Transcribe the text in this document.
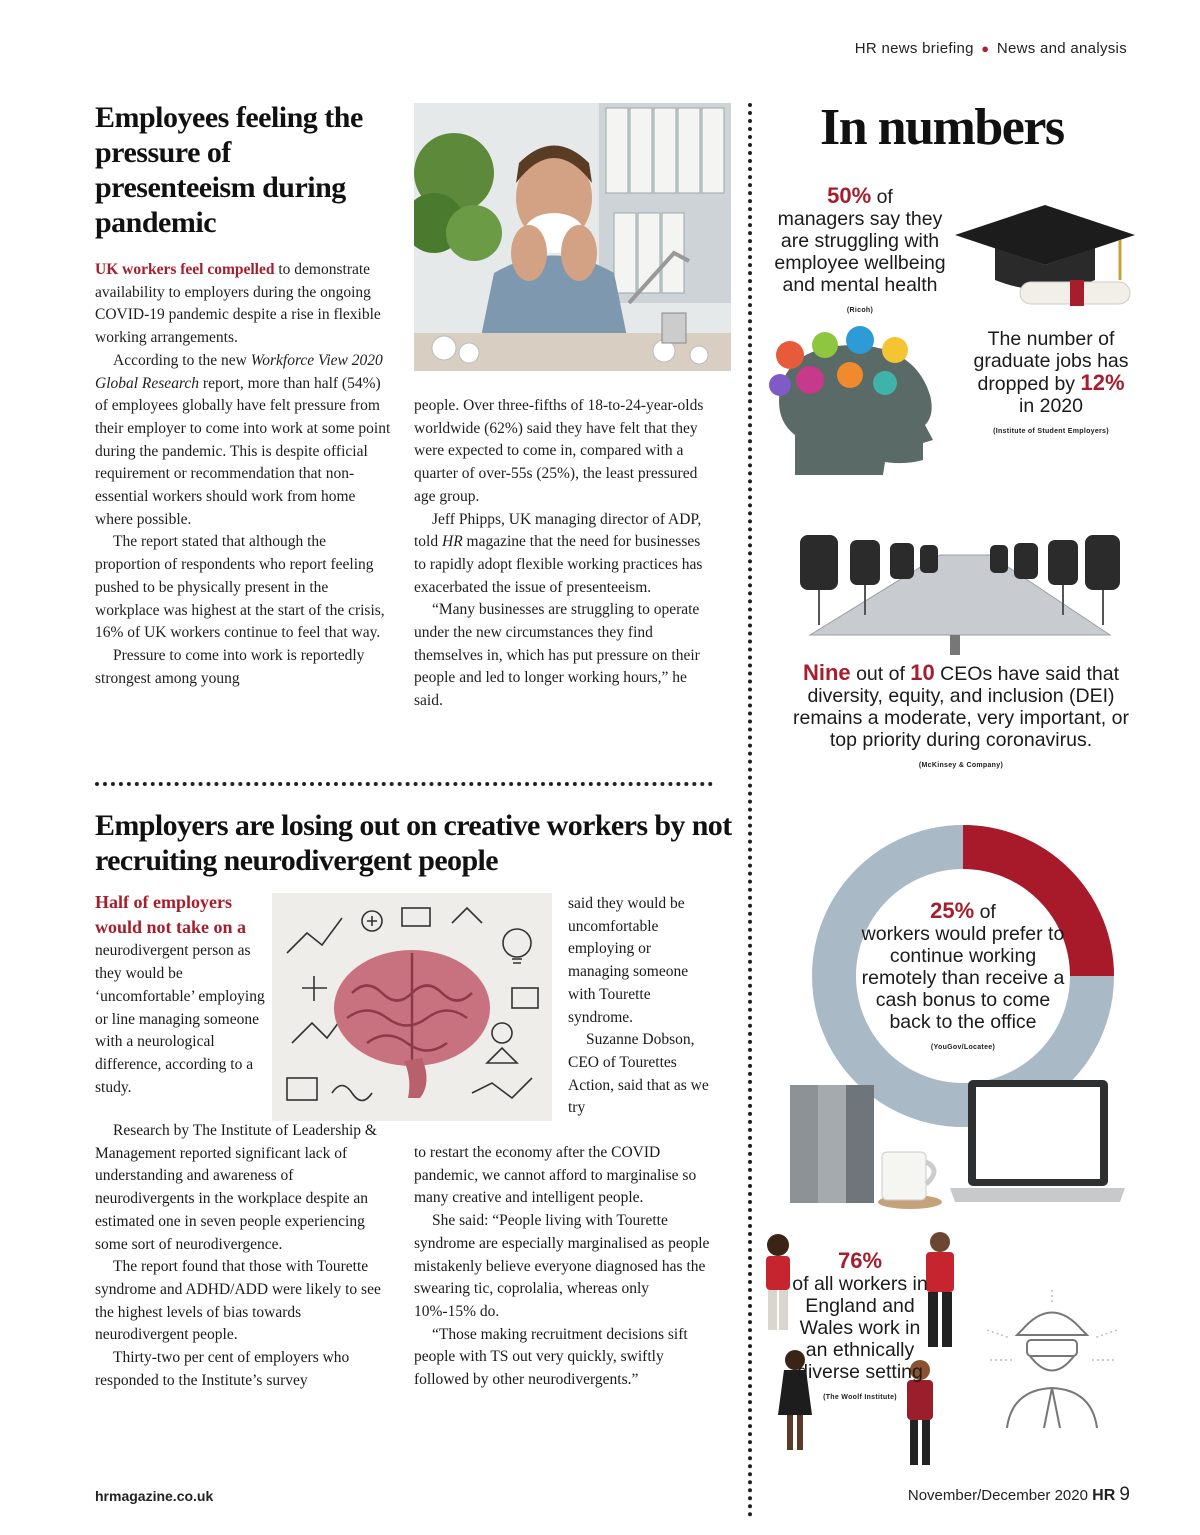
HR news briefing ● News and analysis
Employees feeling the pressure of presenteeism during pandemic

UK workers feel compelled to demonstrate availability to employers during the ongoing COVID-19 pandemic despite a rise in flexible working arrangements.

According to the new Workforce View 2020 Global Research report, more than half (54%) of employees globally have felt pressure from their employer to come into work at some point during the pandemic. This is despite official requirement or recommendation that non-essential workers should work from home where possible.

The report stated that although the proportion of respondents who report feeling pushed to be physically present in the workplace was highest at the start of the crisis, 16% of UK workers continue to feel that way.

Pressure to come into work is reportedly strongest among young

people. Over three-fifths of 18-to-24-year-olds worldwide (62%) said they have felt that they were expected to come in, compared with a quarter of over-55s (25%), the least pressured age group.

Jeff Phipps, UK managing director of ADP, told HR magazine that the need for businesses to rapidly adopt flexible working practices has exacerbated the issue of presenteeism.

“Many businesses are struggling to operate under the new circumstances they find themselves in, which has put pressure on their people and led to longer working hours,” he said.

Employers are losing out on creative workers by not recruiting neurodivergent people
Half of employers would not take on a neurodivergent person as they would be ‘uncomfortable’ employing or line managing someone with a neurological difference, according to a study.

said they would be uncomfortable employing or managing someone with Tourette syndrome.

Suzanne Dobson, CEO of Tourettes Action, said that as we try

Research by The Institute of Leadership & Management reported significant lack of understanding and awareness of neurodivergents in the workplace despite an estimated one in seven people experiencing some sort of neurodivergence.

The report found that those with Tourette syndrome and ADHD/ADD were likely to see the highest levels of bias towards neurodivergent people.

Thirty-two per cent of employers who responded to the Institute’s survey

to restart the economy after the COVID pandemic, we cannot afford to marginalise so many creative and intelligent people.

She said: “People living with Tourette syndrome are especially marginalised as people mistakenly believe everyone diagnosed has the swearing tic, coprolalia, whereas only 10%-15% do.

“Those making recruitment decisions sift people with TS out very quickly, swiftly followed by other neurodivergents.”

In numbers
50% of
managers say they are struggling with employee wellbeing and mental health
(Ricoh)
The number of graduate jobs has dropped by 12% in 2020
(Institute of Student Employers)
Nine out of 10 CEOs have said that diversity, equity, and inclusion (DEI) remains a moderate, very important, or top priority during coronavirus.
(McKinsey & Company)
25% of
workers would prefer to continue working remotely than receive a cash bonus to come back to the office
(YouGov/Locatee)
76%
of all workers in England and Wales work in an ethnically diverse setting
(The Woolf Institute)
hrmagazine.co.uk	November/December 2020 HR 9
